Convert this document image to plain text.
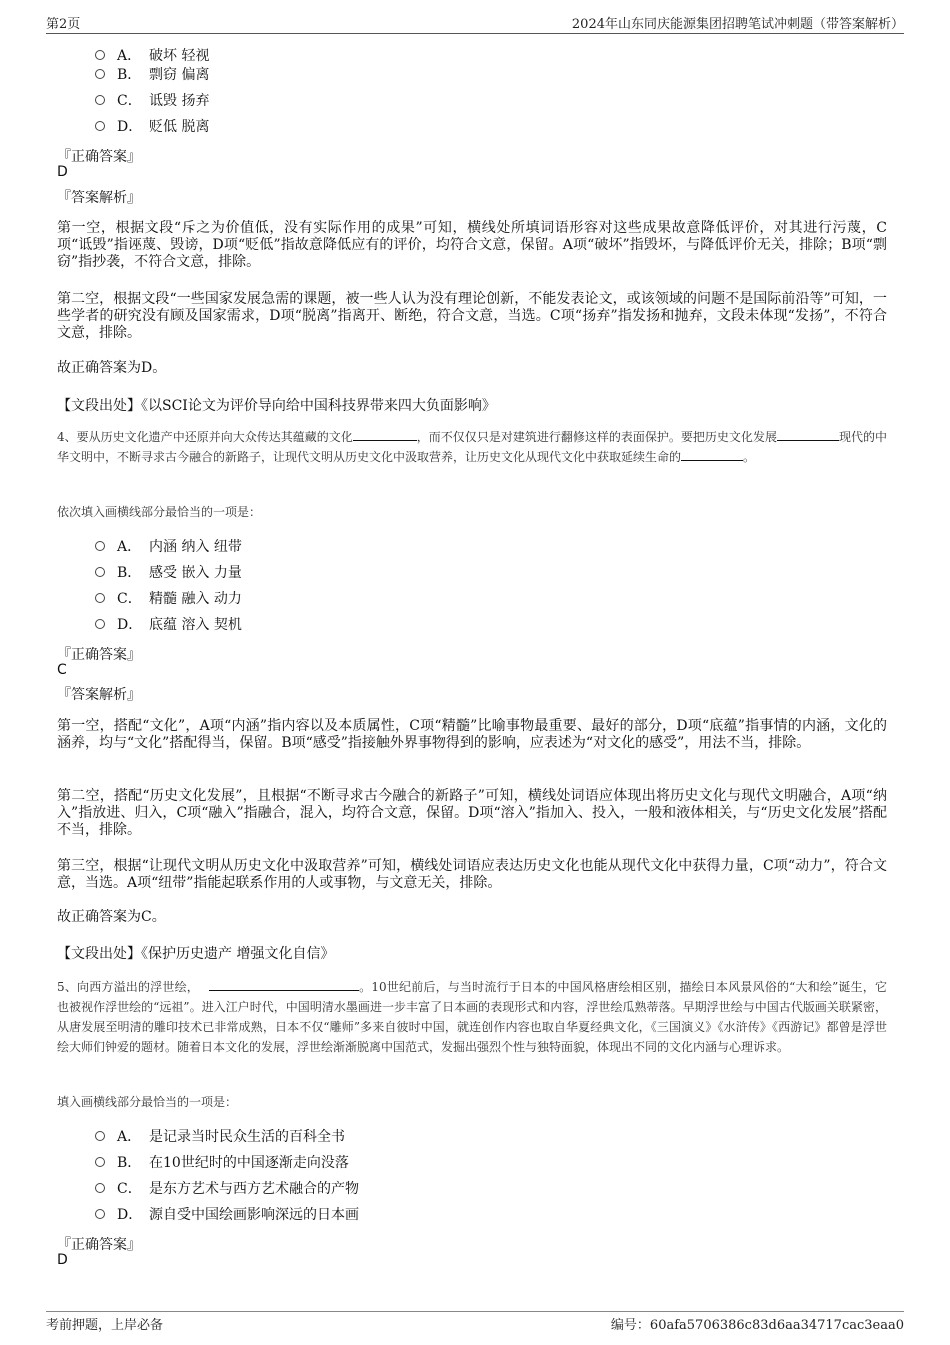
第2页	2024年山东同庆能源集团招聘笔试冲刺题（带答案解析）
A． 破坏 轻视
B． 剽窃 偏离
C． 诋毁 扬弃
D． 贬低 脱离
『正确答案』
D
『答案解析』
第一空，根据文段“斥之为价值低，没有实际作用的成果”可知，横线处所填词语形容对这些成果故意降低评价，对其进行污蔑，C项“诋毁”指诬蔑、毁谤，D项“贬低”指故意降低应有的评价，均符合文意，保留。A项“破坏”指毁坏，与降低评价无关，排除；B项“剽窃”指抄袭，不符合文意，排除。
第二空，根据文段“一些国家发展急需的课题，被一些人认为没有理论创新，不能发表论文，或该领域的问题不是国际前沿等”可知，一些学者的研究没有顾及国家需求，D项“脱离”指离开、断绝，符合文意，当选。C项“扬弃”指发扬和抛弃，文段未体现“发扬”，不符合文意，排除。
故正确答案为D。
【文段出处】《以SCI论文为评价导向给中国科技界带来四大负面影响》
4、要从历史文化遗产中还原并向大众传达其蕴藏的文化	，而不仅仅只是对建筑进行翻修这样的表面保护。要把历史文化发展	现代的中华文明中，不断寻求古今融合的新路子，让现代文明从历史文化中汲取营养，让历史文化从现代文化中获取延续生命的	。
依次填入画横线部分最恰当的一项是：
A． 内涵 纳入 纽带
B． 感受 嵌入 力量
C． 精髓 融入 动力
D． 底蕴 溶入 契机
『正确答案』
C
『答案解析』
第一空，搭配“文化”，A项“内涵”指内容以及本质属性，C项“精髓”比喻事物最重要、最好的部分，D项“底蕴”指事情的内涵，文化的涵养，均与“文化”搭配得当，保留。B项“感受”指接触外界事物得到的影响，应表述为“对文化的感受”，用法不当，排除。
第二空，搭配“历史文化发展”，且根据“不断寻求古今融合的新路子”可知，横线处词语应体现出将历史文化与现代文明融合，A项“纳入”指放进、归入，C项“融入”指融合，混入，均符合文意，保留。D项“溶入”指加入、投入，一般和液体相关，与“历史文化发展”搭配不当，排除。
第三空，根据“让现代文明从历史文化中汲取营养”可知，横线处词语应表达历史文化也能从现代文化中获得力量，C项“动力”，符合文意，当选。A项“纽带”指能起联系作用的人或事物，与文意无关，排除。
故正确答案为C。
【文段出处】《保护历史遗产 增强文化自信》
5、向西方溢出的浮世绘，	。10世纪前后，与当时流行于日本的中国风格唐绘相区别，描绘日本风景风俗的“大和绘”诞生，它也被视作浮世绘的“远祖”。进入江户时代，中国明清水墨画进一步丰富了日本画的表现形式和内容，浮世绘瓜熟蒂落。早期浮世绘与中国古代版画关联紧密，从唐发展至明清的雕印技术已非常成熟，日本不仅“雕师”多来自彼时中国，就连创作内容也取自华夏经典文化，《三国演义》《水浒传》《西游记》都曾是浮世绘大师们钟爱的题材。随着日本文化的发展，浮世绘渐渐脱离中国范式，发掘出强烈个性与独特面貌，体现出不同的文化内涵与心理诉求。
填入画横线部分最恰当的一项是：
A． 是记录当时民众生活的百科全书
B． 在10世纪时的中国逐渐走向没落
C． 是东方艺术与西方艺术融合的产物
D． 源自受中国绘画影响深远的日本画
『正确答案』
D
考前押题，上岸必备	编号：60afa5706386c83d6aa34717cac3eaa0
